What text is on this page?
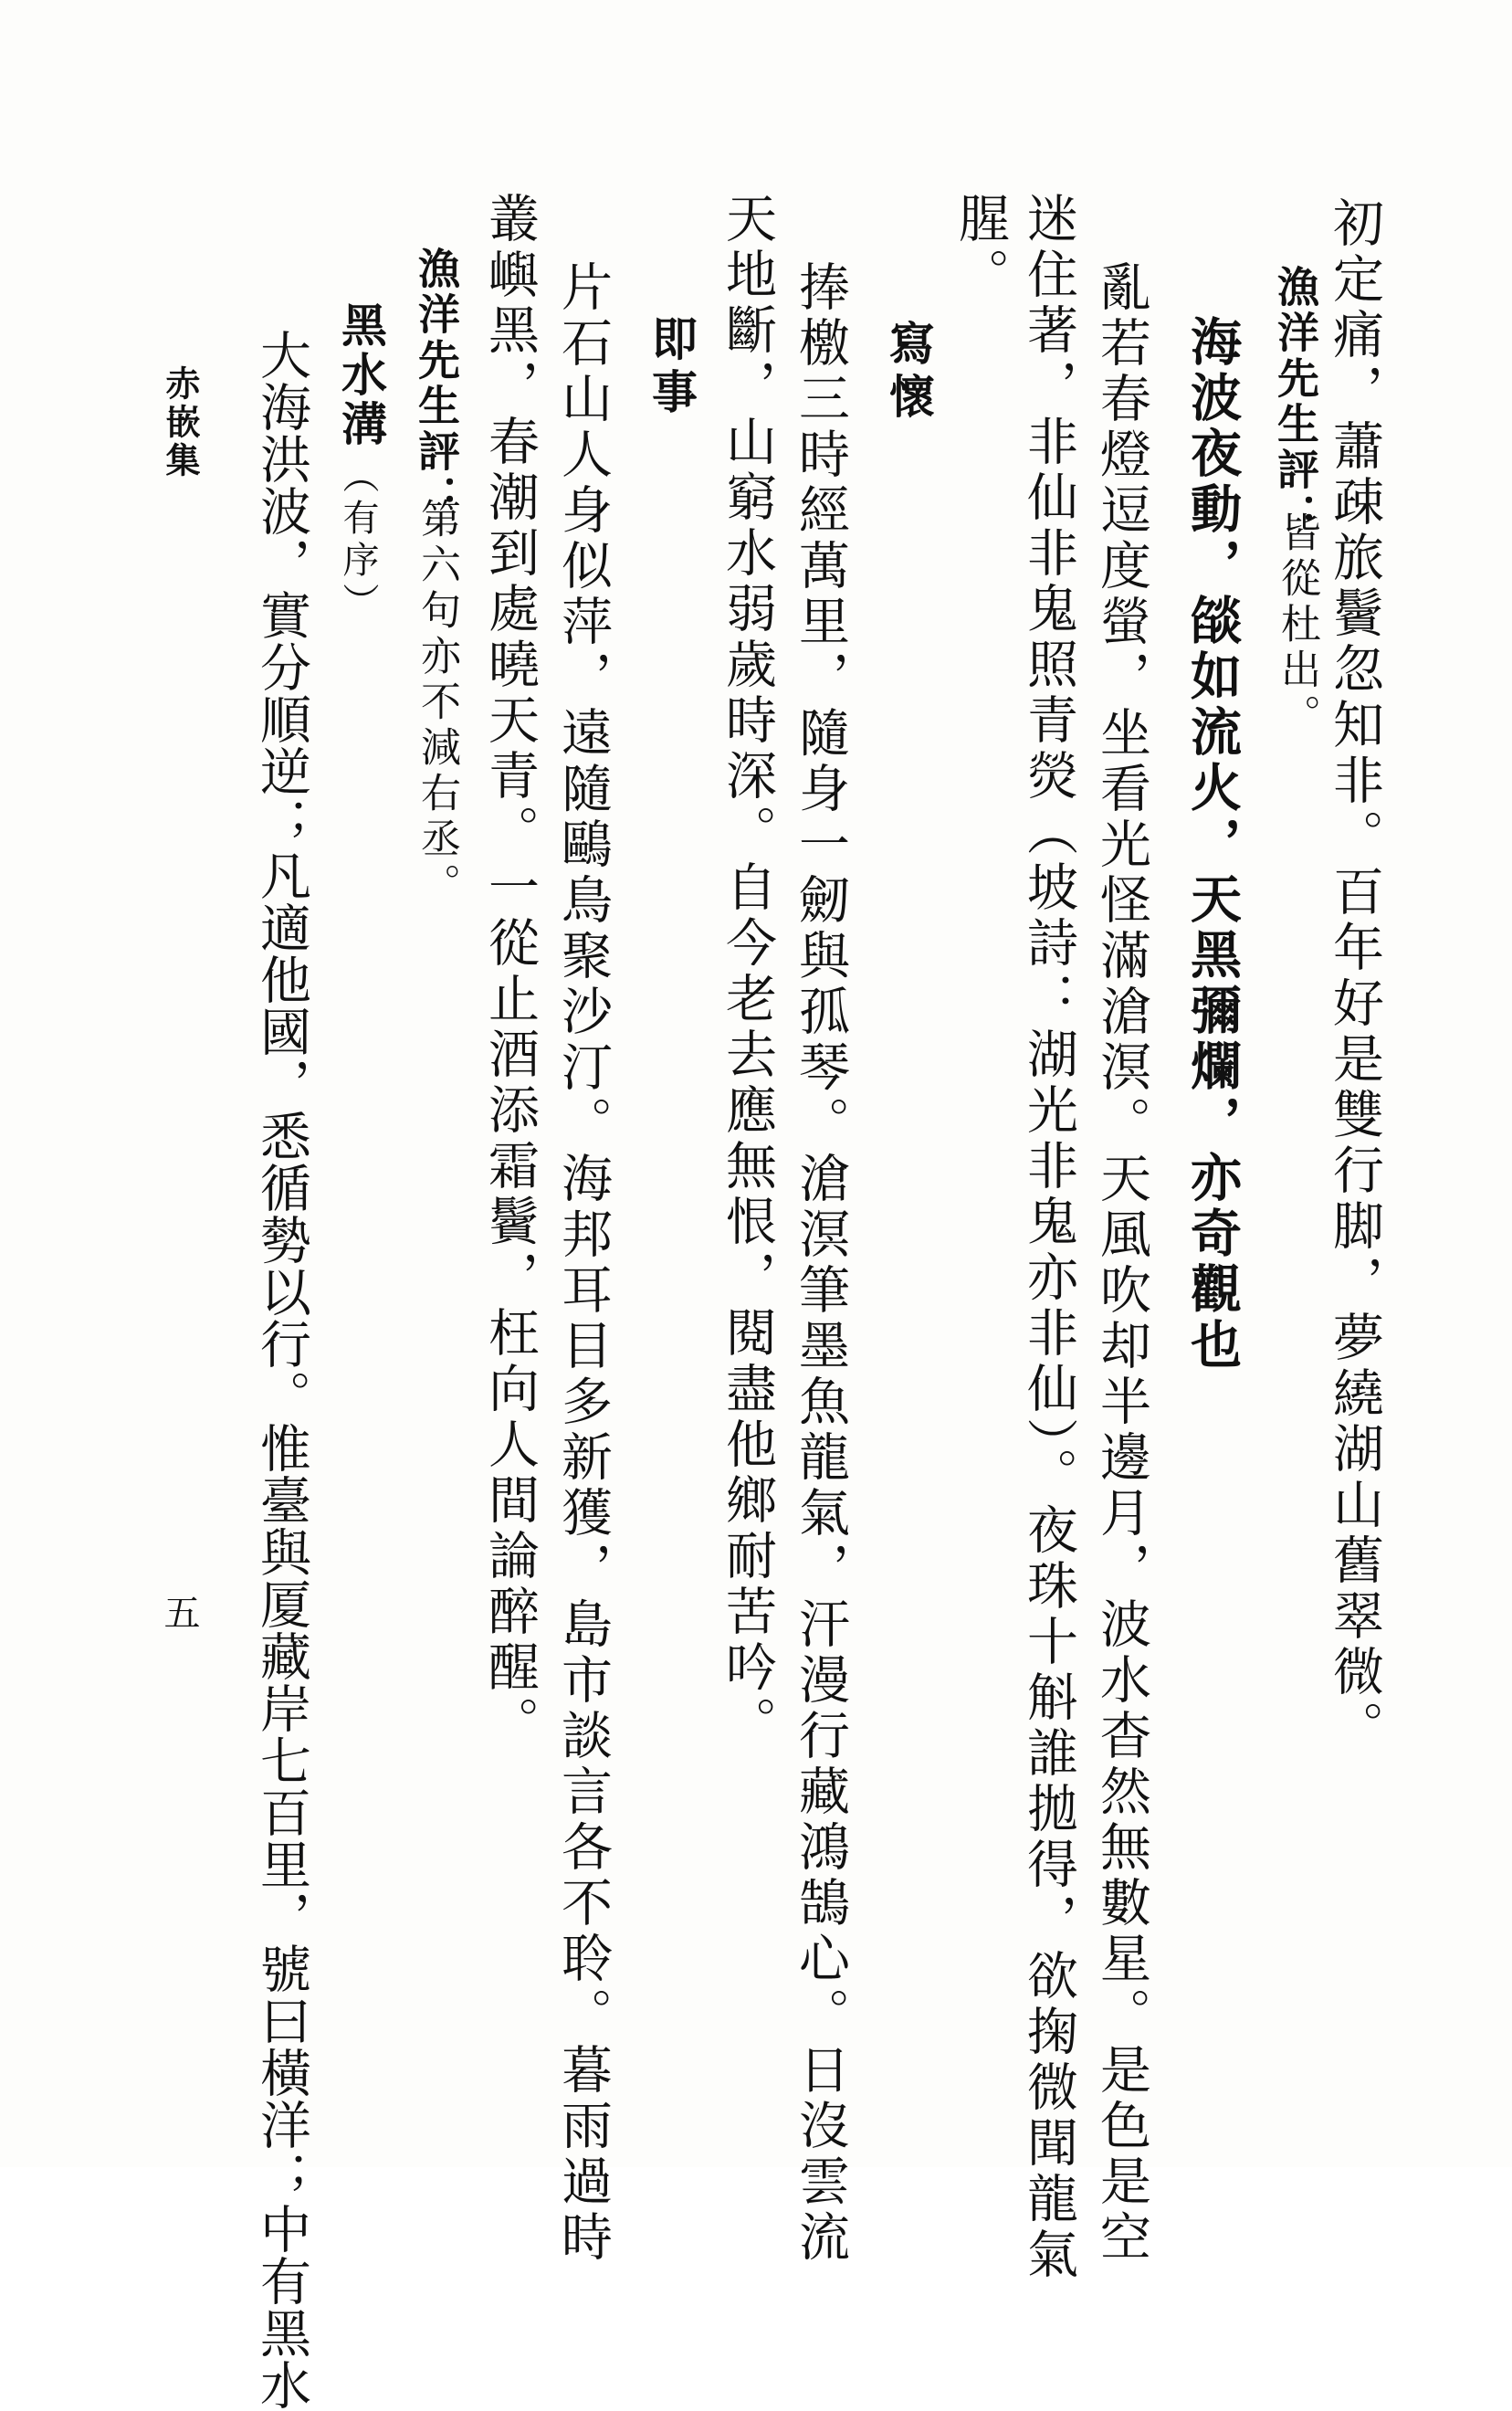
初定痛，蕭疎旅鬢忽知非。百年好是雙行脚，夢繞湖山舊翠微。
漁洋先生評：
皆從杜出。
海波夜動，燄如流火，天黑彌爛，亦奇觀也
亂若春燈逗度螢，坐看光怪滿滄溟。天風吹却半邊月，波水杳然無數星。是色是空
迷住著，非仙非鬼照青熒（坡詩：湖光非鬼亦非仙）。夜珠十斛誰拋得，欲掬微聞龍氣
腥。
寫懷
捧檄三時經萬里，隨身一劒與孤琴。滄溟筆墨魚龍氣，汗漫行藏鴻鵠心。日沒雲流
天地斷，山窮水弱歲時深。自今老去應無恨，閱盡他鄉耐苦吟。
即事
片石山人身似萍，遠隨鷗鳥聚沙汀。海邦耳目多新獲，島市談言各不聆。暮雨過時
叢嶼黑，春潮到處曉天青。一從止酒添霜鬢，枉向人間論醉醒。
漁洋先生評：
第六句亦不減右丞。
黑水溝
（有序）
大海洪波，實分順逆；凡適他國，悉循勢以行。惟臺與厦藏岸七百里，號曰橫洋；中有黑水
赤嵌集
五
